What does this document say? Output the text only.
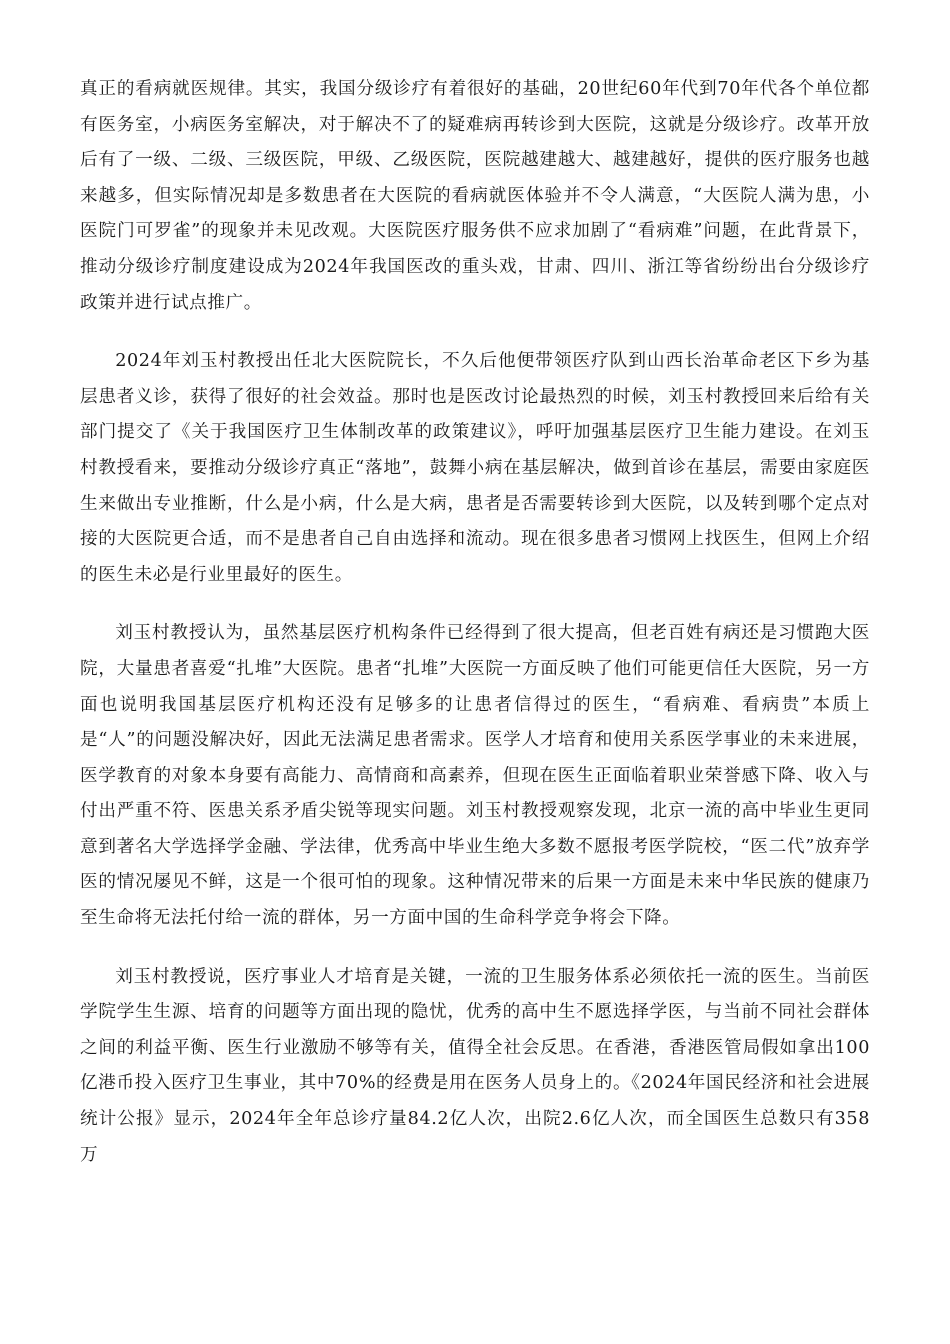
真正的看病就医规律。其实，我国分级诊疗有着很好的基础，20世纪60年代到70年代各个单位都有医务室，小病医务室解决，对于解决不了的疑难病再转诊到大医院，这就是分级诊疗。改革开放后有了一级、二级、三级医院，甲级、乙级医院，医院越建越大、越建越好，提供的医疗服务也越来越多，但实际情况却是多数患者在大医院的看病就医体验并不令人满意，“大医院人满为患，小医院门可罗雀”的现象并未见改观。大医院医疗服务供不应求加剧了“看病难”问题，在此背景下，推动分级诊疗制度建设成为2024年我国医改的重头戏，甘肃、四川、浙江等省纷纷出台分级诊疗政策并进行试点推广。

2024年刘玉村教授出任北大医院院长，不久后他便带领医疗队到山西长治革命老区下乡为基层患者义诊，获得了很好的社会效益。那时也是医改讨论最热烈的时候，刘玉村教授回来后给有关部门提交了《关于我国医疗卫生体制改革的政策建议》，呼吁加强基层医疗卫生能力建设。在刘玉村教授看来，要推动分级诊疗真正“落地”，鼓舞小病在基层解决，做到首诊在基层，需要由家庭医生来做出专业推断，什么是小病，什么是大病，患者是否需要转诊到大医院，以及转到哪个定点对接的大医院更合适，而不是患者自己自由选择和流动。现在很多患者习惯网上找医生，但网上介绍的医生未必是行业里最好的医生。

刘玉村教授认为，虽然基层医疗机构条件已经得到了很大提高，但老百姓有病还是习惯跑大医院，大量患者喜爱“扎堆”大医院。患者“扎堆”大医院一方面反映了他们可能更信任大医院，另一方面也说明我国基层医疗机构还没有足够多的让患者信得过的医生，“看病难、看病贵”本质上是“人”的问题没解决好，因此无法满足患者需求。医学人才培育和使用关系医学事业的未来进展，医学教育的对象本身要有高能力、高情商和高素养，但现在医生正面临着职业荣誉感下降、收入与付出严重不符、医患关系矛盾尖锐等现实问题。刘玉村教授观察发现，北京一流的高中毕业生更同意到著名大学选择学金融、学法律，优秀高中毕业生绝大多数不愿报考医学院校，“医二代”放弃学医的情况屡见不鲜，这是一个很可怕的现象。这种情况带来的后果一方面是未来中华民族的健康乃至生命将无法托付给一流的群体，另一方面中国的生命科学竞争将会下降。

刘玉村教授说，医疗事业人才培育是关键，一流的卫生服务体系必须依托一流的医生。当前医学院学生生源、培育的问题等方面出现的隐忧，优秀的高中生不愿选择学医，与当前不同社会群体之间的利益平衡、医生行业激励不够等有关，值得全社会反思。在香港，香港医管局假如拿出100亿港币投入医疗卫生事业，其中70%的经费是用在医务人员身上的。《2024年国民经济和社会进展统计公报》显示，2024年全年总诊疗量84.2亿人次，出院2.6亿人次，而全国医生总数只有358万
